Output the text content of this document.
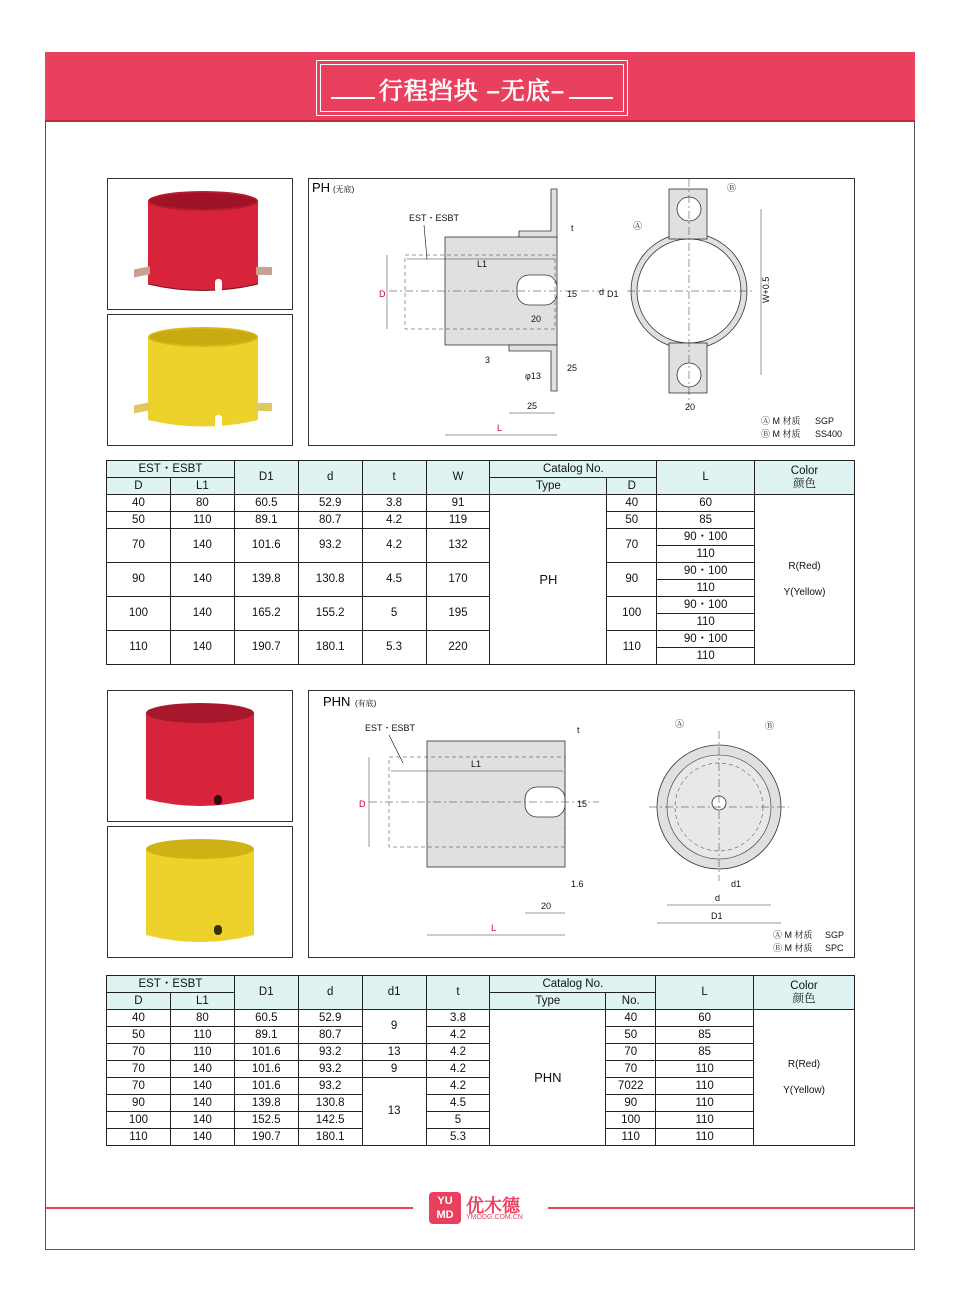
行程挡块 –无底–
PH (无底)
EST・ESBT
D
L1
d D1
15
20
t
3
φ13
25
25
L
W+0.5
20
Ⓐ
Ⓑ
Ⓐ M 材质 SGP
Ⓑ M 材质 SS400
EST・ESBT		D1	d	t	W	Catalog No.		L	Color
颜色
D	L1					Type	D		
40	80	60.5	52.9	3.8	91	PH	40	60	R(Red)
Y(Yellow)
50	110	89.1	80.7	4.2	119		50	85	
70	140	101.6	93.2	4.2	132		70	90・100	
								110	
90	140	139.8	130.8	4.5	170		90	90・100	
								110	
100	140	165.2	155.2	5	195		100	90・100	
								110	
110	140	190.7	180.1	5.3	220		110	90・100	
								110	
PHN (有底)
EST・ESBT
D
L1
t
15
1.6
20
L
Ⓐ	Ⓑ
d1
d
D1
Ⓐ M 材质 SGP
Ⓑ M 材质 SPC
EST・ESBT		D1	d	d1	t	Catalog No.		L	Color
颜色
D	L1					Type	No.		
40	80	60.5	52.9	9	3.8	PHN	40	60	R(Red)
Y(Yellow)
50	110	89.1	80.7		4.2		50	85	
70	110	101.6	93.2	13	4.2		70	85	
70	140	101.6	93.2	9	4.2		70	110	
70	140	101.6	93.2	13	4.2		7022	110	
90	140	139.8	130.8		4.5		90	110	
100	140	152.5	142.5		5		100	110	
110	140	190.7	180.1		5.3		110	110	
YU
MD 优木德
YMODG.COM.CN
